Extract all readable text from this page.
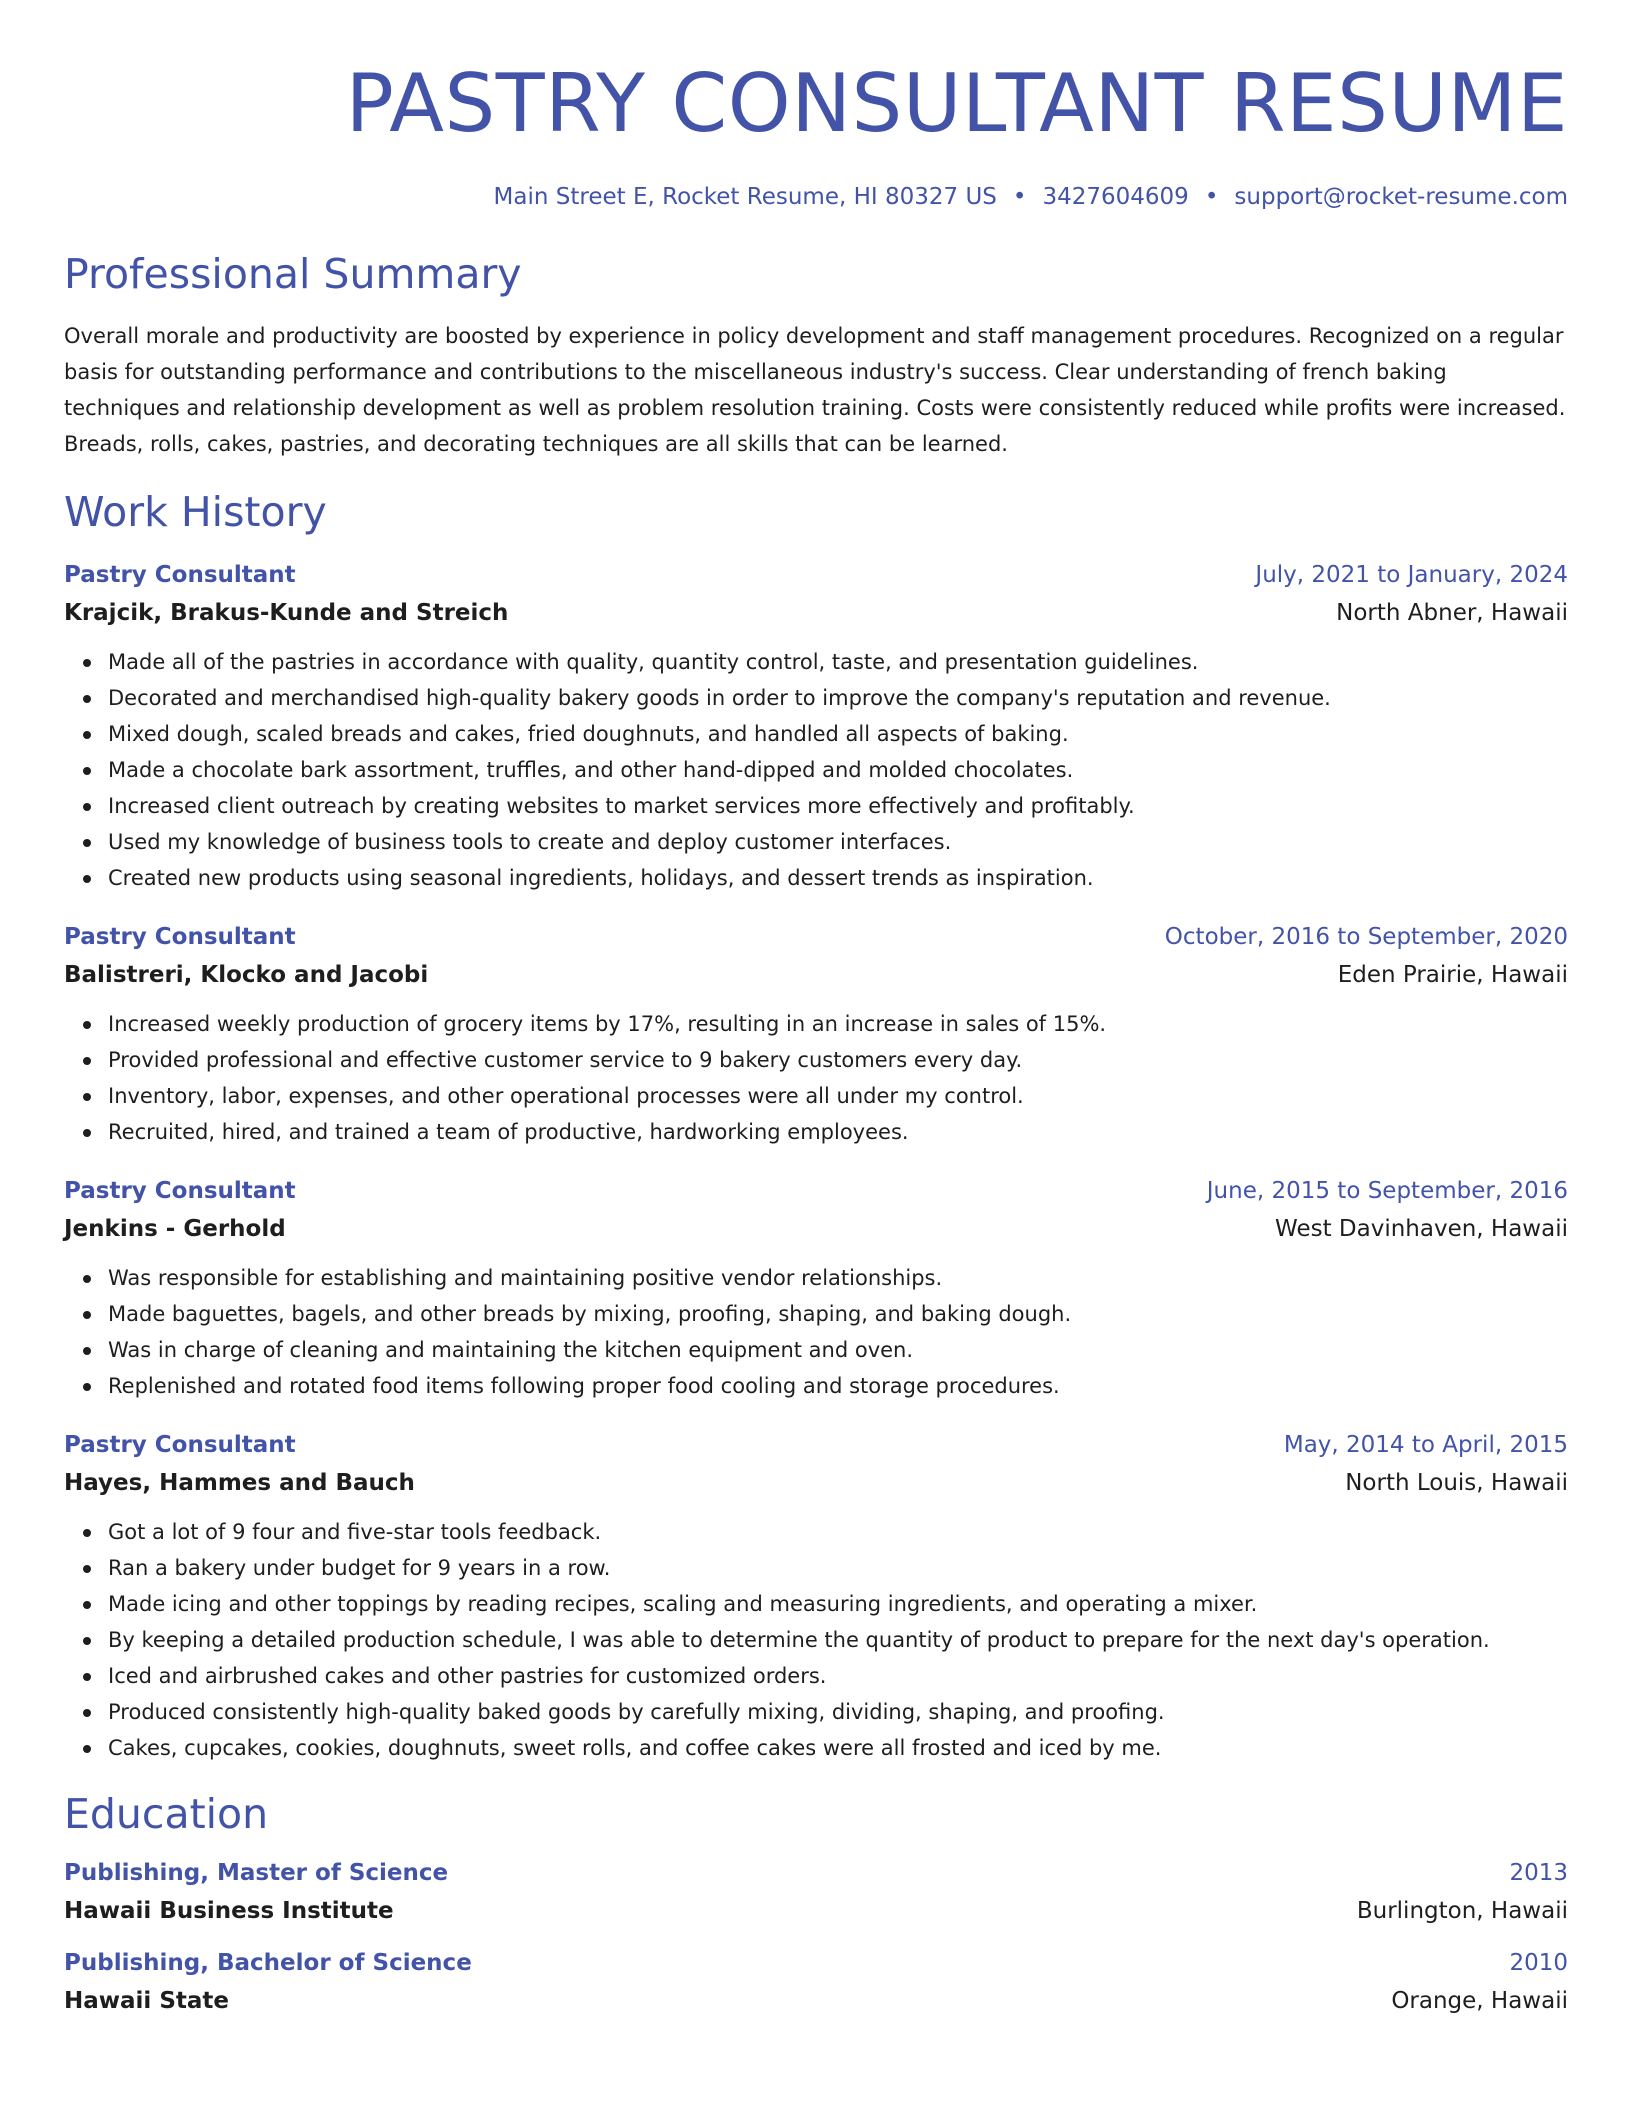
PASTRY CONSULTANT RESUME
Main Street E, Rocket Resume, HI 80327 US • 3427604609 • support@rocket-resume.com
Professional Summary
Overall morale and productivity are boosted by experience in policy development and staff management procedures. Recognized on a regular basis for outstanding performance and contributions to the miscellaneous industry's success. Clear understanding of french baking techniques and relationship development as well as problem resolution training. Costs were consistently reduced while profits were increased. Breads, rolls, cakes, pastries, and decorating techniques are all skills that can be learned.
Work History
Pastry Consultant	July, 2021 to January, 2024
Krajcik, Brakus-Kunde and Streich	North Abner, Hawaii
Made all of the pastries in accordance with quality, quantity control, taste, and presentation guidelines.
Decorated and merchandised high-quality bakery goods in order to improve the company's reputation and revenue.
Mixed dough, scaled breads and cakes, fried doughnuts, and handled all aspects of baking.
Made a chocolate bark assortment, truffles, and other hand-dipped and molded chocolates.
Increased client outreach by creating websites to market services more effectively and profitably.
Used my knowledge of business tools to create and deploy customer interfaces.
Created new products using seasonal ingredients, holidays, and dessert trends as inspiration.
Pastry Consultant	October, 2016 to September, 2020
Balistreri, Klocko and Jacobi	Eden Prairie, Hawaii
Increased weekly production of grocery items by 17%, resulting in an increase in sales of 15%.
Provided professional and effective customer service to 9 bakery customers every day.
Inventory, labor, expenses, and other operational processes were all under my control.
Recruited, hired, and trained a team of productive, hardworking employees.
Pastry Consultant	June, 2015 to September, 2016
Jenkins - Gerhold	West Davinhaven, Hawaii
Was responsible for establishing and maintaining positive vendor relationships.
Made baguettes, bagels, and other breads by mixing, proofing, shaping, and baking dough.
Was in charge of cleaning and maintaining the kitchen equipment and oven.
Replenished and rotated food items following proper food cooling and storage procedures.
Pastry Consultant	May, 2014 to April, 2015
Hayes, Hammes and Bauch	North Louis, Hawaii
Got a lot of 9 four and five-star tools feedback.
Ran a bakery under budget for 9 years in a row.
Made icing and other toppings by reading recipes, scaling and measuring ingredients, and operating a mixer.
By keeping a detailed production schedule, I was able to determine the quantity of product to prepare for the next day's operation.
Iced and airbrushed cakes and other pastries for customized orders.
Produced consistently high-quality baked goods by carefully mixing, dividing, shaping, and proofing.
Cakes, cupcakes, cookies, doughnuts, sweet rolls, and coffee cakes were all frosted and iced by me.
Education
Publishing, Master of Science	2013
Hawaii Business Institute	Burlington, Hawaii
Publishing, Bachelor of Science	2010
Hawaii State	Orange, Hawaii
